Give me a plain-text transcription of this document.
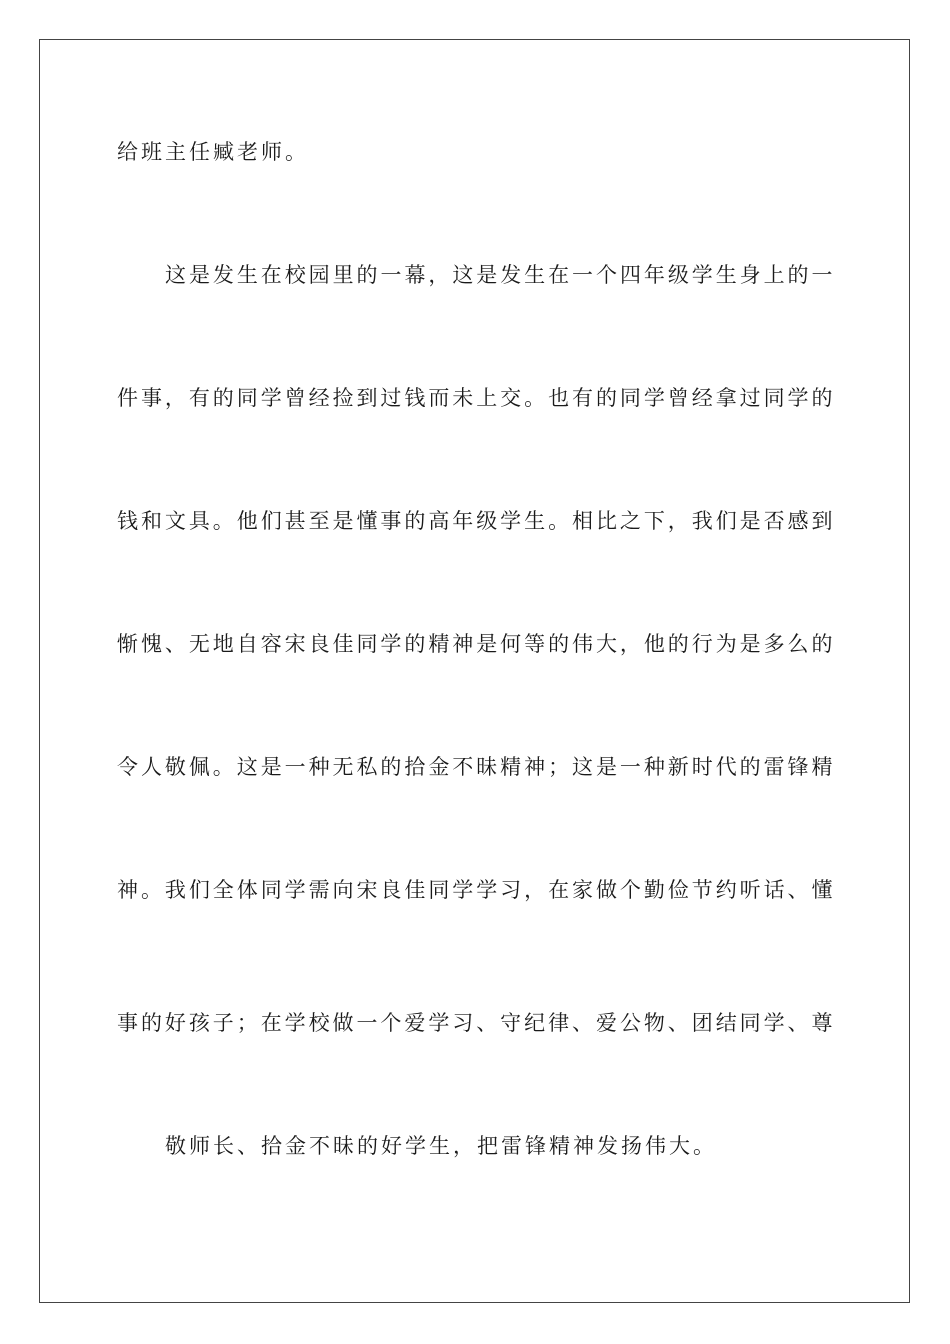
给班主任臧老师。
这是发生在校园里的一幕，这是发生在一个四年级学生身上的一
件事，有的同学曾经捡到过钱而未上交。也有的同学曾经拿过同学的
钱和文具。他们甚至是懂事的高年级学生。相比之下，我们是否感到
惭愧、无地自容宋良佳同学的精神是何等的伟大，他的行为是多么的
令人敬佩。这是一种无私的拾金不昧精神；这是一种新时代的雷锋精
神。我们全体同学需向宋良佳同学学习，在家做个勤俭节约听话、懂
事的好孩子；在学校做一个爱学习、守纪律、爱公物、团结同学、尊
敬师长、拾金不昧的好学生，把雷锋精神发扬伟大。
